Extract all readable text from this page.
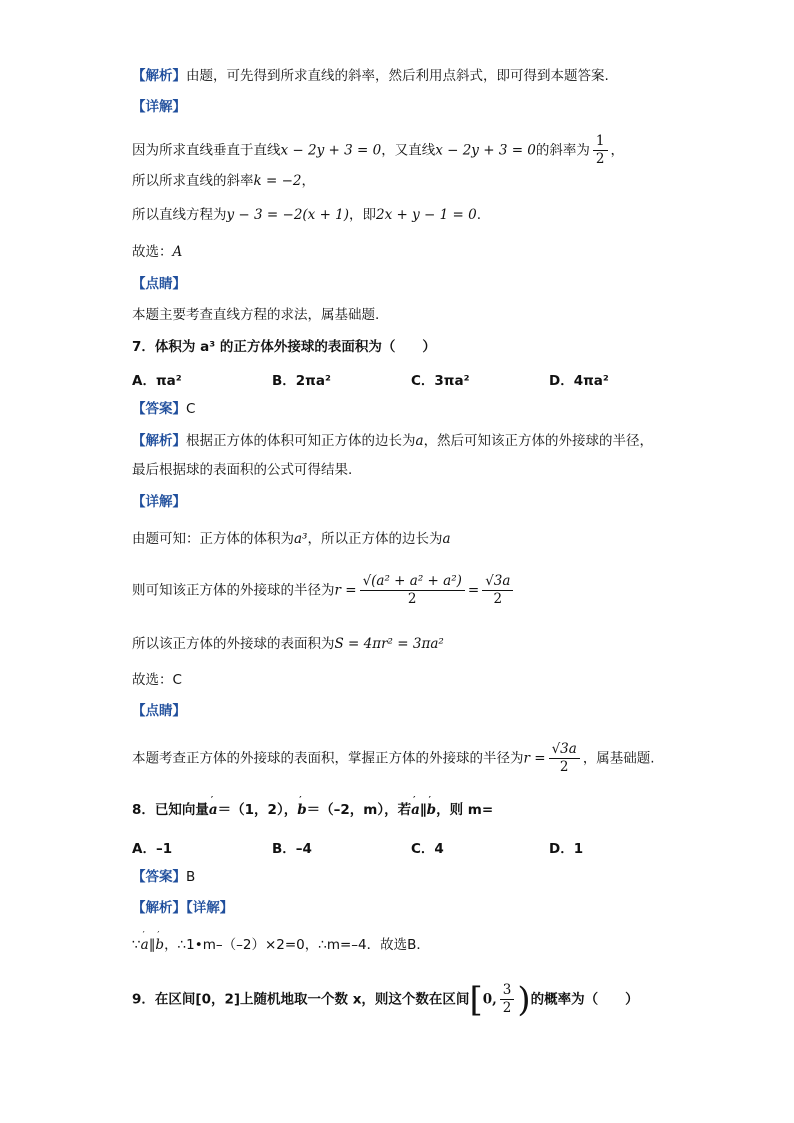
【解析】由题，可先得到所求直线的斜率，然后利用点斜式，即可得到本题答案.
【详解】
因为所求直线垂直于直线x − 2y + 3 = 0，又直线x − 2y + 3 = 0的斜率为 $\frac{1}{2}$ ，
所以所求直线的斜率k = −2，
所以直线方程为y − 3 = −2(x + 1)，即2x + y − 1 = 0.
故选：A
【点睛】
本题主要考查直线方程的求法，属基础题.
7．体积为 a³ 的正方体外接球的表面积为（　　）
A．πa²	B．2πa²	C．3πa²	D．4πa²
【答案】C
【解析】根据正方体的体积可知正方体的边长为a，然后可知该正方体的外接球的半径，
最后根据球的表面积的公式可得结果.
【详解】
由题可知：正方体的体积为a³，所以正方体的边长为a
则可知该正方体的外接球的半径为$r = \frac{\text{√(a² + a² + a²)}}{2} = \frac{√3a}{2}$
所以该正方体的外接球的表面积为S = 4πr² = 3πa²
故选：C
【点睛】
本题考查正方体的外接球的表面积，掌握正方体的外接球的半径为$r = \frac{√3a}{2}$ ，属基础题.
8．已知向量′ a＝（1，2），′ b＝（–2，m），若′ a∥′ b，则 m=
A．–1	B．–4	C．4	D．1
【答案】B
【解析】【详解】
∵′ a∥′ b，∴1•m–（–2）×2=0，∴m=–4．故选B．
9．在区间[0，2]上随机地取一个数 x，则这个数在区间[0, $\frac{3}{2}$ )的概率为（　　）
